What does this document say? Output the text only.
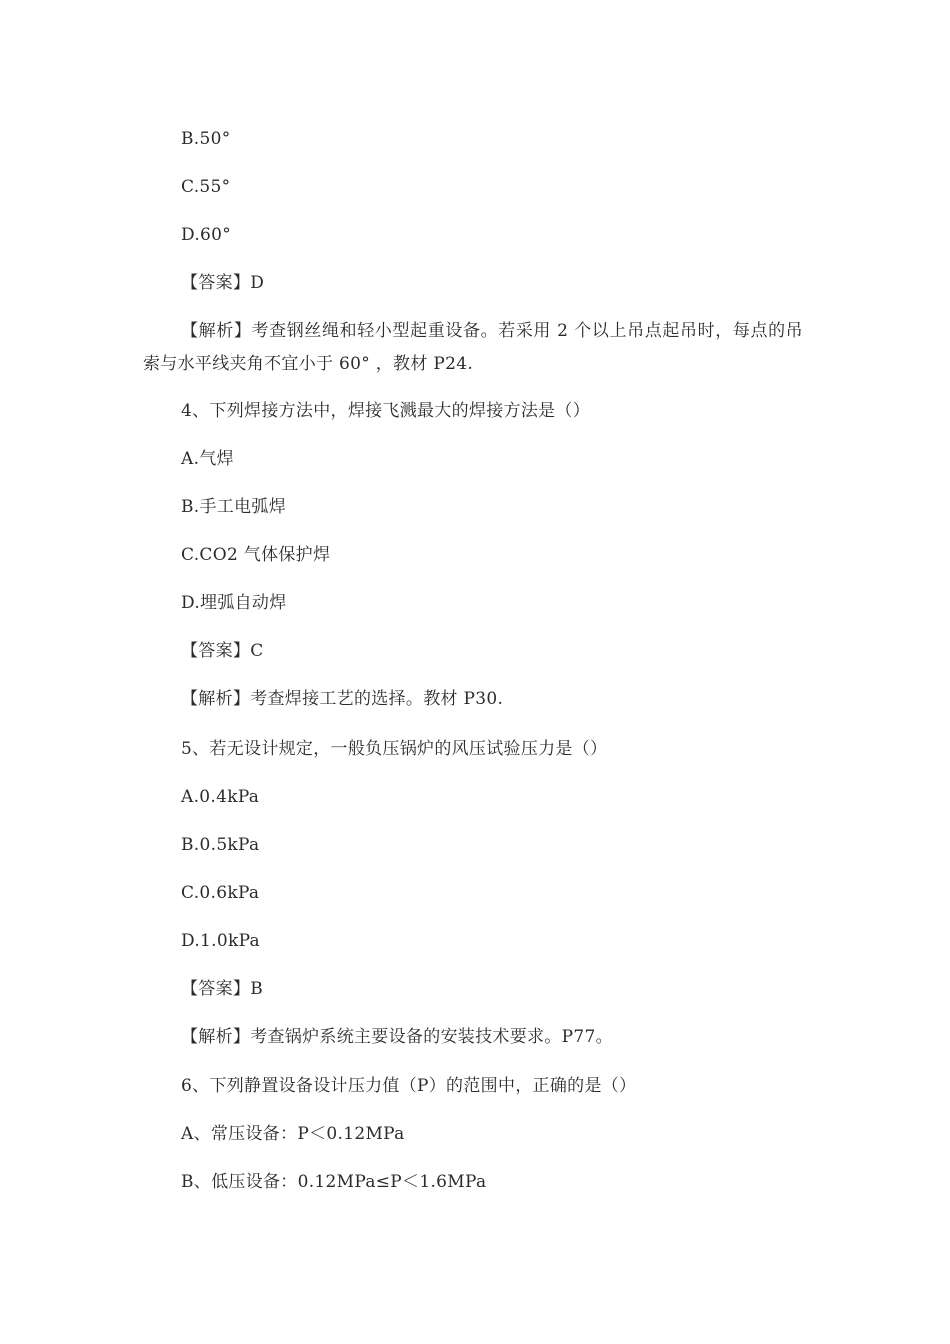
B.50°
C.55°
D.60°
【答案】D
【解析】考查钢丝绳和轻小型起重设备。若采用 2 个以上吊点起吊时，每点的吊索与水平线夹角不宜小于 60° ，教材 P24.
4、下列焊接方法中，焊接飞溅最大的焊接方法是（）
A.气焊
B.手工电弧焊
C.CO2 气体保护焊
D.埋弧自动焊
【答案】C
【解析】考查焊接工艺的选择。教材 P30.
5、若无设计规定，一般负压锅炉的风压试验压力是（）
A.0.4kPa
B.0.5kPa
C.0.6kPa
D.1.0kPa
【答案】B
【解析】考查锅炉系统主要设备的安装技术要求。P77。
6、下列静置设备设计压力值（P）的范围中，正确的是（）
A、常压设备：P＜0.12MPa
B、低压设备：0.12MPa≤P＜1.6MPa
